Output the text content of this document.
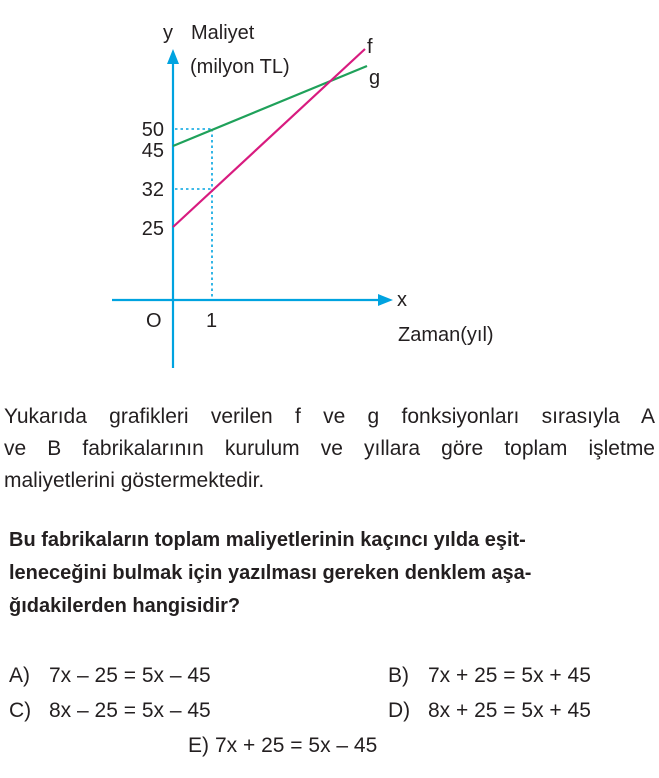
y Maliyet
(milyon TL)
f
g
50
45
32
25
x
O 1
Zaman(yıl)
Yukarıda grafikleri verilen f ve g fonksiyonları sırasıyla A
ve B fabrikalarının kurulum ve yıllara göre toplam işletme
maliyetlerini göstermektedir.
Bu fabrikaların toplam maliyetlerinin kaçıncı yılda eşit-
leneceğini bulmak için yazılması gereken denklem aşa-
ğıdakilerden hangisidir?
A) 7x – 25 = 5x – 45	B) 7x + 25 = 5x + 45
C) 8x – 25 = 5x – 45	D) 8x + 25 = 5x + 45
E) 7x + 25 = 5x – 45
